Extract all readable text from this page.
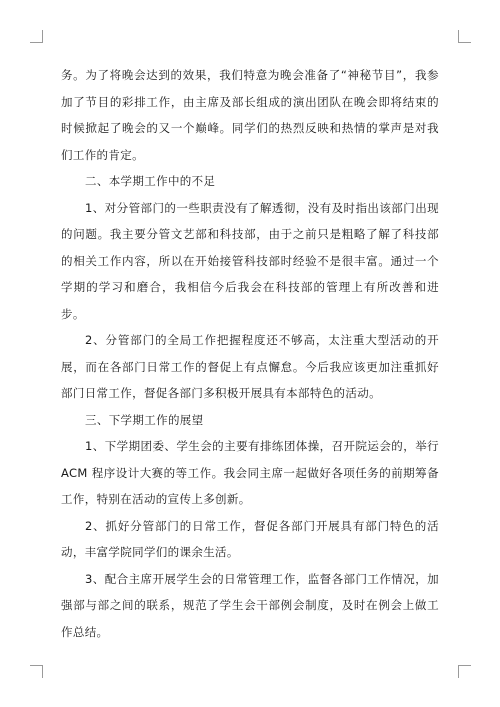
务。为了将晚会达到的效果，我们特意为晚会准备了“神秘节目”，我参加了节目的彩排工作，由主席及部长组成的演出团队在晚会即将结束的时候掀起了晚会的又一个巅峰。同学们的热烈反映和热情的掌声是对我们工作的肯定。

二、本学期工作中的不足

1、对分管部门的一些职责没有了解透彻，没有及时指出该部门出现的问题。我主要分管文艺部和科技部，由于之前只是粗略了解了科技部的相关工作内容，所以在开始接管科技部时经验不是很丰富。通过一个学期的学习和磨合，我相信今后我会在科技部的管理上有所改善和进步。

2、分管部门的全局工作把握程度还不够高，太注重大型活动的开展，而在各部门日常工作的督促上有点懈怠。今后我应该更加注重抓好部门日常工作，督促各部门多积极开展具有本部特色的活动。

三、下学期工作的展望

1、下学期团委、学生会的主要有排练团体操，召开院运会的，举行 ACM 程序设计大赛的等工作。我会同主席一起做好各项任务的前期筹备工作，特别在活动的宣传上多创新。

2、抓好分管部门的日常工作，督促各部门开展具有部门特色的活动，丰富学院同学们的课余生活。

3、配合主席开展学生会的日常管理工作，监督各部门工作情况，加强部与部之间的联系，规范了学生会干部例会制度，及时在例会上做工作总结。
